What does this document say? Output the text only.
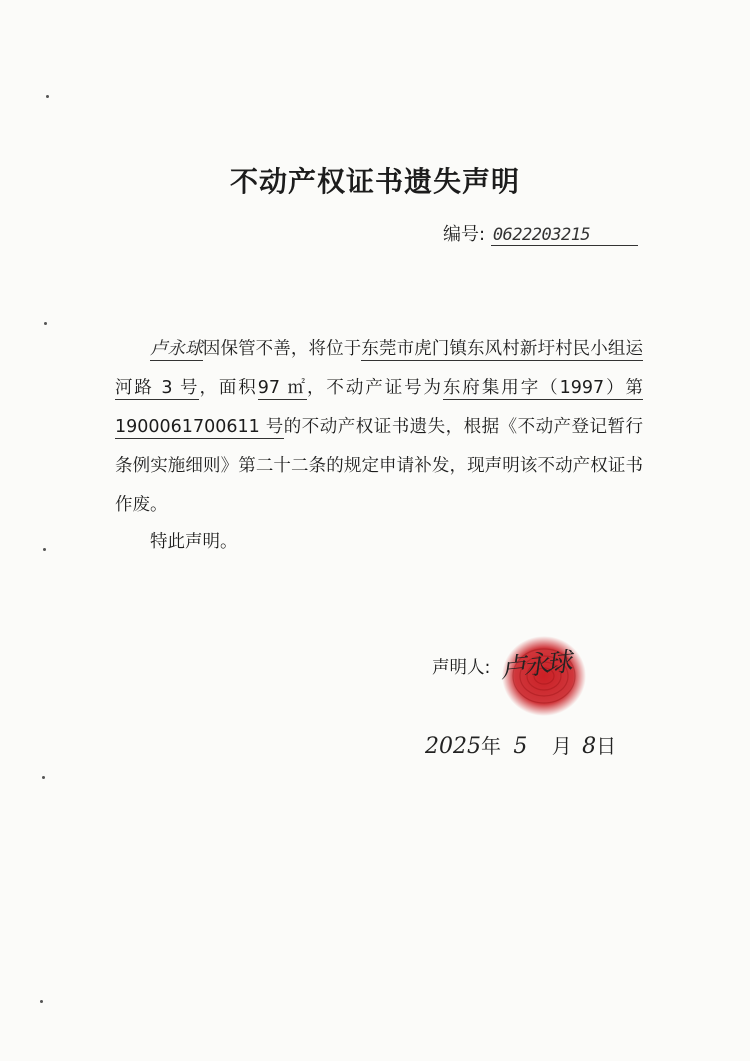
不动产权证书遗失声明
编号: 0622203215

卢永球因保管不善，将位于东莞市虎门镇东风村新圩村民小组运河路 3 号，面积97 ㎡，不动产证号为东府集用字（1997）第 1900061700611 号的不动产权证书遗失，根据《不动产登记暂行条例实施细则》第二十二条的规定申请补发，现声明该不动产权证书作废。

特此声明。
声明人: 卢永球
2025年 5 月 8日
